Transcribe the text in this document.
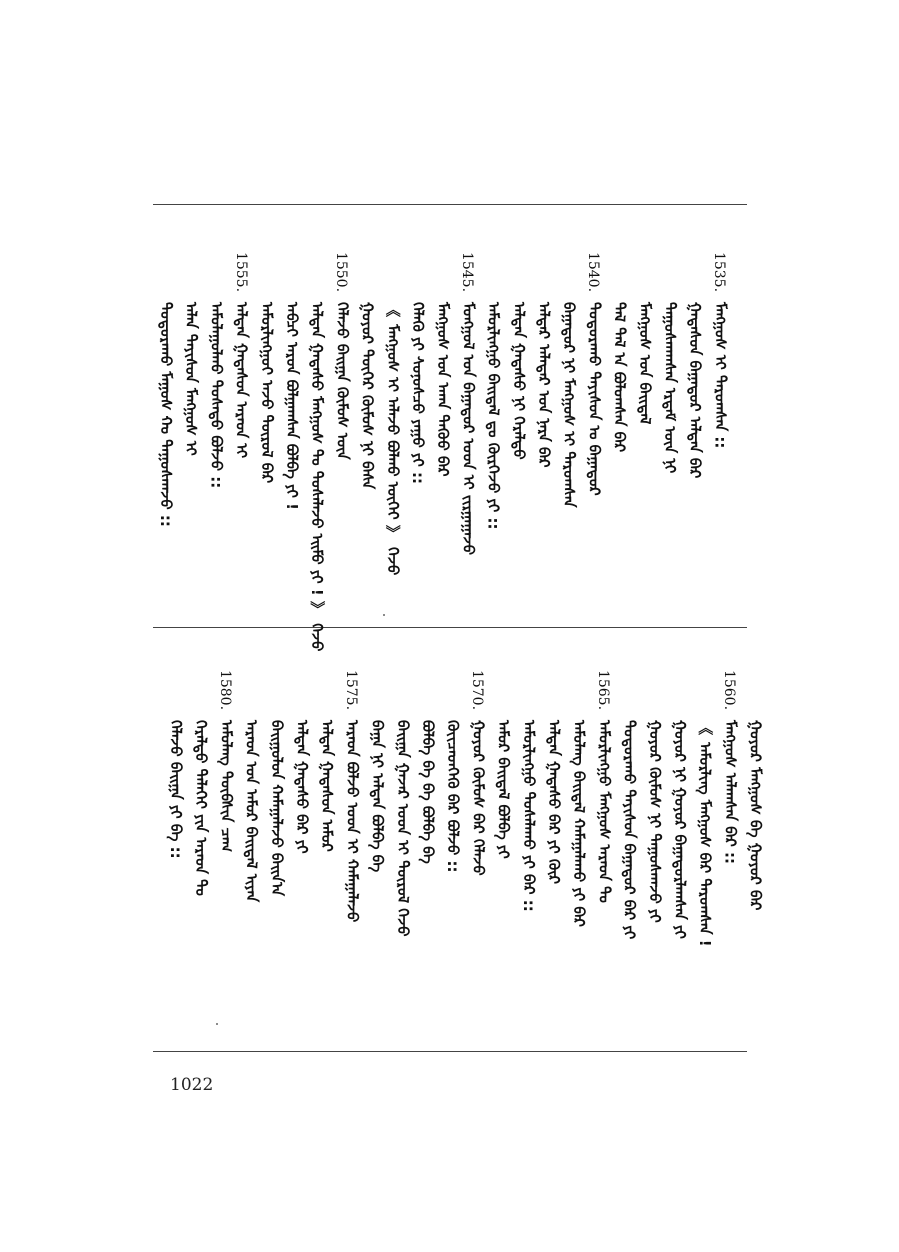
ᠳᠣᠲᠣᠷᠠᠬᠤ ᠮᠠᠭᠤᠰ ᠬᠤ ᠳᠠᠭᠤᠰᠬᠠᠵᠤ :: ᠠᠯᠠᠨ ᠳᠠᠶᠢᠰᠤᠨ ᠮᠠᠩᠭᠤᠰ ᠢ ᠠᠮᠤᠯᠠᠭᠤᠯᠬᠤ ᠲᠤᠰᠠᠲᠤ ᠪᠤᠯᠵᠤ ::
1555.
ᠠᠯᠲᠠᠨ ᠭᠠᠳᠠᠰᠤᠨ ᠠᠷᠠᠳ ᠢ ᠠᠮᠤᠷᠯᠢᠩᠭᠤᠢ ᠠᠵᠤ ᠲᠦᠷᠦᠯ ᠪᠡᠷ ᠠᠪᠴᠢ ᠠᠷᠤᠨ ᠪᠣᠯᠭᠠᠭᠰᠠᠨ ᠪᠣᠯᠪᠠ ᠶᠢ ! ᠠᠯᠲᠠᠨ ᠭᠠᠳᠠᠰᠤ ᠮᠠᠩᠭᠤᠰ ᠲᠤ ᠲᠤᠰᠠᠯᠠᠵᠤ ᠡᠢᠮᠦ ᠶᠢ ! 》 ᠭᠡᠵᠦ
1550.
ᠬᠡᠯᠡᠵᠦ ᠪᠠᠢᠭᠠ ᠬᠦᠮᠦᠰ ᠦᠨ ᠭᠤᠶᠤᠷ ᠳᠦᠭᠡᠷ ᠬᠦᠮᠦᠰ ᠨᠢ ᠪᠠᠰᠠ 《 ᠮᠠᠩᠭᠤᠰ ᠢ ᠠᠯᠠᠵᠤ ᠪᠣᠯᠬᠤ ᠦᠭᠡᠢ 》 ᠭᠡᠵᠦ ᠬᠡᠯᠡᠬᠦ ᠶᠢ ᠰᠣᠨᠣᠰᠴᠤ ᠶᠠᠭᠤ ᠶᠢ :: ᠮᠠᠩᠭᠤᠰ ᠤᠨ ᠠᠬᠠ ᠳᠡᠭᠦᠦ ᠪᠡᠷ
1545.
ᠮᠣᠩᠭᠣᠯ ᠤᠨ ᠪᠠᠭᠠᠲᠤᠷ ᠤᠳ ᠢ ᠵᠢᠷᠭᠠᠭᠠᠵᠤ ᠠᠮᠤᠷᠯᠢᠩᠭᠤ ᠪᠠᠢᠳᠠᠯ ᠳᠤ ᠬᠦᠷᠬᠡᠵᠦ ᠶᠢ :: ᠠᠯᠲᠠᠨ ᠭᠠᠳᠠᠰᠤ ᠨᠢ ᠭᠡᠷᠡᠯᠲᠦ ᠠᠯᠳᠠᠷ ᠠᠯᠠᠳᠠᠷ ᠤᠨ ᠨᠡᠷᠡ ᠪᠡᠷ ᠪᠠᠭᠠᠲᠤᠷ ᠨᠢ ᠮᠠᠩᠭᠤᠰ ᠢ ᠳᠠᠷᠤᠭᠰᠠᠨ
1540.
ᠳᠣᠲᠣᠷᠠᠬᠤ ᠳᠠᠶᠢᠰᠤᠨ ᠤ ᠪᠠᠭᠠᠲᠤᠷ ᠲᠠᠯ ᠲᠠᠯ ᠠ ᠪᠣᠯᠤᠭᠰᠠᠨ ᠪᠡᠷ ᠮᠠᠩᠭᠤᠰ ᠤᠨ ᠪᠠᠢᠳᠠᠯ ᠳᠠᠭᠤᠰᠬᠠᠭᠰᠠᠨ ᠡᠷᠳᠡᠮ ᠦᠨ ᠨᠢ ᠭᠠᠳᠠᠰᠤᠨ ᠪᠠᠭᠠᠲᠤᠷ ᠠᠯᠲᠠᠨ ᠪᠠᠷ
1535.
ᠮᠠᠩᠭᠤᠰ ᠢ ᠳᠠᠷᠤᠭᠰᠠᠨ ::
ᠬᠡᠯᠡᠵᠦ ᠪᠠᠢᠭᠠ ᠶᠢ ᠪᠡ :: ᠭᠡᠷᠡᠯᠲᠦ ᠳᠡᠯᠡᠬᠡᠢ ᠶᠢᠨ ᠠᠷᠠᠳ ᠲᠤ
1580.
ᠠᠮᠤᠯᠠᠩ ᠲᠦᠪᠰᠢᠨ ᠴᠠᠭ ᠠᠷᠠᠳ ᠤᠨ ᠠᠮᠤᠷ ᠪᠠᠢᠳᠠᠯ ᠢᠶᠠᠨ ᠪᠠᠢᠭᠤᠯᠤᠨ ᠬᠠᠮᠠᠭᠠᠯᠠᠵᠤ ᠪᠠᠢᠨ᠎ᠠ ᠠᠯᠲᠠᠨ ᠭᠠᠳᠠᠰᠤ ᠪᠡᠷ ᠶᠢ ᠠᠯᠲᠠᠨ ᠭᠠᠳᠠᠰᠤᠨ ᠠᠮᠤᠷ
1575.
ᠠᠷᠠᠳ ᠪᠣᠯᠵᠤ ᠤᠳ ᠢ ᠬᠠᠮᠠᠭᠠᠯᠠᠵᠤ ᠪᠠᠭᠠ ᠨᠢ ᠠᠯᠲᠠᠨ ᠪᠣᠯᠪᠠ ᠪᠡ ᠪᠠᠢᠭᠠ ᠭᠠᠵᠠᠷ ᠤᠳ ᠢ ᠳᠦᠷᠦᠯ ᠭᠡᠵᠦ ᠪᠣᠯᠪᠠ ᠪᠡ ᠪᠠ ᠪᠣᠯᠪᠠ ᠪᠡ ᠭᠦᠢᠴᠡᠳᠬᠡᠬᠦ ᠪᠡᠷ ᠪᠤᠯᠵᠤ ::
1570.
ᠭᠤᠶᠤᠷ ᠬᠦᠮᠦᠰ ᠪᠡᠷ ᠬᠡᠯᠡᠵᠦ ᠠᠮᠤᠷ ᠪᠠᠢᠳᠠᠯ ᠪᠣᠯᠪᠠ ᠶᠢ ᠠᠮᠤᠷᠯᠢᠩᠭᠤ ᠲᠤᠰᠠᠯᠠᠬᠤ ᠶᠢ ᠪᠡᠷ :: ᠠᠯᠲᠠᠨ ᠭᠠᠳᠠᠰᠤ ᠪᠡᠷ ᠶᠢ ᠬᠦᠷ ᠠᠮᠤᠯᠠᠩ ᠪᠠᠢᠳᠠᠯ ᠬᠠᠮᠠᠭᠠᠯᠠᠬᠤ ᠶᠢ ᠪᠡᠷ
1565.
ᠠᠮᠤᠷᠯᠢᠩᠭᠤ ᠮᠠᠩᠭᠤᠰ ᠠᠷᠠᠳ ᠲᠤ ᠳᠣᠲᠣᠷᠠᠬᠤ ᠳᠠᠶᠢᠰᠤᠨ ᠪᠠᠭᠠᠲᠤᠷ ᠪᠡᠷ ᠶᠢ ᠭᠤᠶᠤᠷ ᠬᠦᠮᠦᠰ ᠨᠢ ᠳᠠᠭᠤᠰᠬᠠᠵᠤ ᠶᠢ ᠭᠤᠶᠤᠷ ᠨᠢ ᠭᠤᠶᠤᠷ ᠪᠠᠭᠠᠲᠤᠷᠯᠠᠭᠰᠠᠨ ᠶᠢ 《 ᠠᠮᠤᠷᠯᠢᠩ ᠮᠠᠩᠭᠤᠰ ᠪᠡᠷ ᠳᠠᠷᠤᠭᠰᠠᠨ !
1560.
ᠮᠠᠩᠭᠤᠰ ᠠᠯᠠᠭᠰᠠᠨ ᠪᠡᠷ :: ᠭᠤᠶᠤᠷ ᠮᠠᠩᠭᠤᠰ ᠪᠠ ᠭᠤᠶᠤᠷ ᠪᠡᠷ
1022
